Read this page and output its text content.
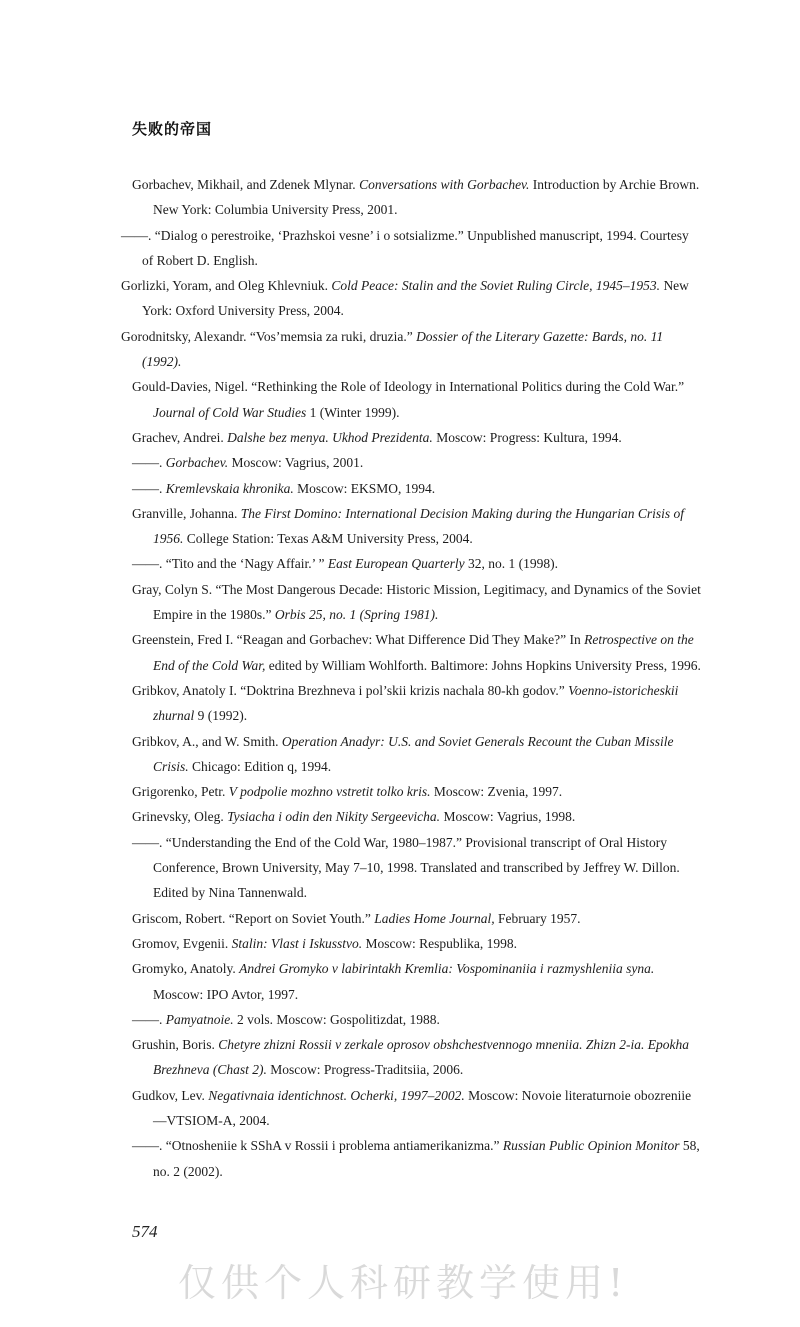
失败的帝国

Gorbachev, Mikhail, and Zdenek Mlynar. Conversations with Gorbachev. Introduction by Archie Brown. New York: Columbia University Press, 2001.

——. “Dialog o perestroike, ‘Prazhskoi vesne’ i o sotsializme.” Unpublished manuscript, 1994. Courtesy of Robert D. English.

Gorlizki, Yoram, and Oleg Khlevniuk. Cold Peace: Stalin and the Soviet Ruling Circle, 1945–1953. New York: Oxford University Press, 2004.

Gorodnitsky, Alexandr. “Vos’memsia za ruki, druzia.” Dossier of the Literary Gazette: Bards, no. 11 (1992).

Gould-Davies, Nigel. “Rethinking the Role of Ideology in International Politics during the Cold War.” Journal of Cold War Studies 1 (Winter 1999).

Grachev, Andrei. Dalshe bez menya. Ukhod Prezidenta. Moscow: Progress: Kultura, 1994.

——. Gorbachev. Moscow: Vagrius, 2001.

——. Kremlevskaia khronika. Moscow: EKSMO, 1994.

Granville, Johanna. The First Domino: International Decision Making during the Hungarian Crisis of 1956. College Station: Texas A&M University Press, 2004.

——. “Tito and the ‘Nagy Affair.’ ” East European Quarterly 32, no. 1 (1998).

Gray, Colyn S. “The Most Dangerous Decade: Historic Mission, Legitimacy, and Dynamics of the Soviet Empire in the 1980s.” Orbis 25, no. 1 (Spring 1981).

Greenstein, Fred I. “Reagan and Gorbachev: What Difference Did They Make?” In Retrospective on the End of the Cold War, edited by William Wohlforth. Baltimore: Johns Hopkins University Press, 1996.

Gribkov, Anatoly I. “Doktrina Brezhneva i pol’skii krizis nachala 80-kh godov.” Voenno-istoricheskii zhurnal 9 (1992).

Gribkov, A., and W. Smith. Operation Anadyr: U.S. and Soviet Generals Recount the Cuban Missile Crisis. Chicago: Edition q, 1994.

Grigorenko, Petr. V podpolie mozhno vstretit tolko kris. Moscow: Zvenia, 1997.

Grinevsky, Oleg. Tysiacha i odin den Nikity Sergeevicha. Moscow: Vagrius, 1998.

——. “Understanding the End of the Cold War, 1980–1987.” Provisional transcript of Oral History Conference, Brown University, May 7–10, 1998. Translated and transcribed by Jeffrey W. Dillon. Edited by Nina Tannenwald.

Griscom, Robert. “Report on Soviet Youth.” Ladies Home Journal, February 1957.

Gromov, Evgenii. Stalin: Vlast i Iskusstvo. Moscow: Respublika, 1998.

Gromyko, Anatoly. Andrei Gromyko v labirintakh Kremlia: Vospominaniia i razmyshleniia syna. Moscow: IPO Avtor, 1997.

——. Pamyatnoie. 2 vols. Moscow: Gospolitizdat, 1988.

Grushin, Boris. Chetyre zhizni Rossii v zerkale oprosov obshchestvennogo mneniia. Zhizn 2-ia. Epokha Brezhneva (Chast 2). Moscow: Progress-Traditsiia, 2006.

Gudkov, Lev. Negativnaia identichnost. Ocherki, 1997–2002. Moscow: Novoie literaturnoie obozreniie—VTSIOM-A, 2004.

——. “Otnosheniie k SShA v Rossii i problema antiamerikanizma.” Russian Public Opinion Monitor 58, no. 2 (2002).

574
仅供个人科研教学使用!
